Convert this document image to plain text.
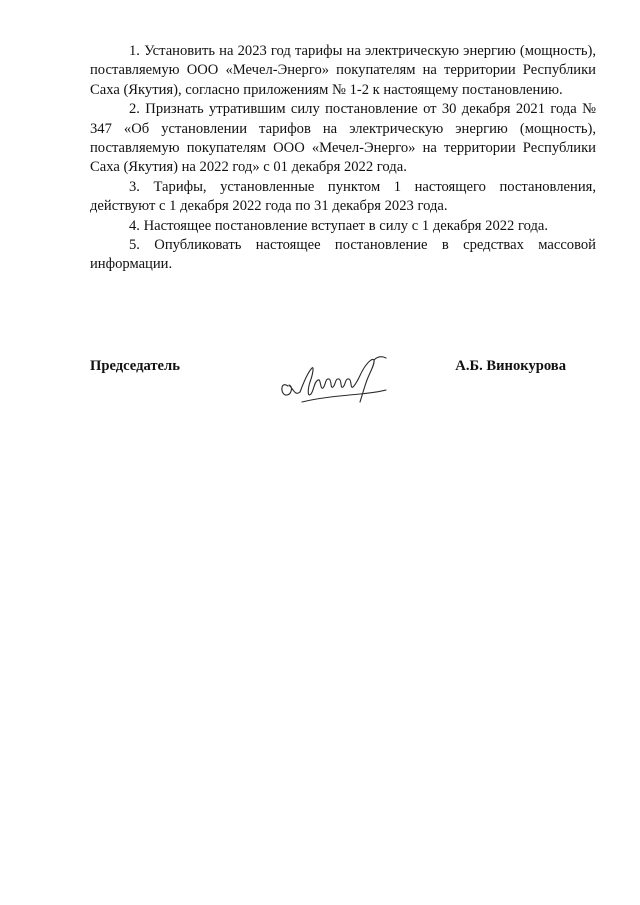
1. Установить на 2023 год тарифы на электрическую энергию (мощность), поставляемую ООО «Мечел-Энерго» покупателям на территории Республики Саха (Якутия), согласно приложениям № 1-2 к настоящему постановлению.

2. Признать утратившим силу постановление от 30 декабря 2021 года № 347 «Об установлении тарифов на электрическую энергию (мощность), поставляемую покупателям ООО «Мечел-Энерго» на территории Республики Саха (Якутия) на 2022 год» с 01 декабря 2022 года.

3. Тарифы, установленные пунктом 1 настоящего постановления, действуют с 1 декабря 2022 года по 31 декабря 2023 года.

4. Настоящее постановление вступает в силу с 1 декабря 2022 года.

5. Опубликовать настоящее постановление в средствах массовой информации.

Председатель	А.Б. Винокурова
